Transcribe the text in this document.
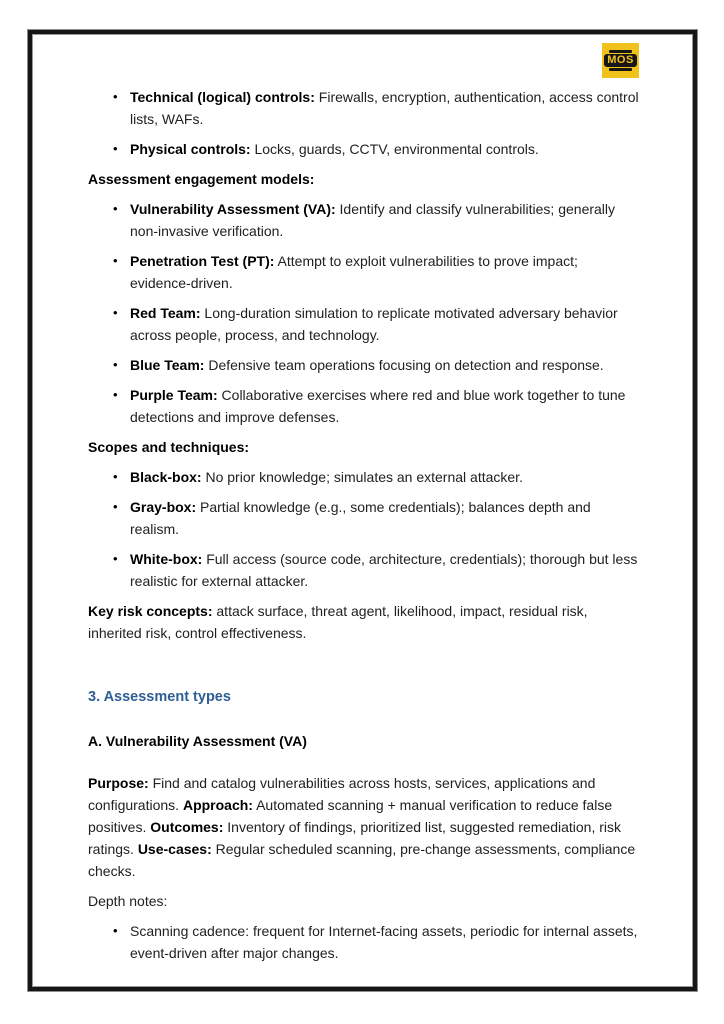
MOS
• Technical (logical) controls: Firewalls, encryption, authentication, access control lists, WAFs.
• Physical controls: Locks, guards, CCTV, environmental controls.
Assessment engagement models:
• Vulnerability Assessment (VA): Identify and classify vulnerabilities; generally non-invasive verification.
• Penetration Test (PT): Attempt to exploit vulnerabilities to prove impact; evidence-driven.
• Red Team: Long-duration simulation to replicate motivated adversary behavior across people, process, and technology.
• Blue Team: Defensive team operations focusing on detection and response.
• Purple Team: Collaborative exercises where red and blue work together to tune detections and improve defenses.
Scopes and techniques:
• Black-box: No prior knowledge; simulates an external attacker.
• Gray-box: Partial knowledge (e.g., some credentials); balances depth and realism.
• White-box: Full access (source code, architecture, credentials); thorough but less realistic for external attacker.
Key risk concepts: attack surface, threat agent, likelihood, impact, residual risk, inherited risk, control effectiveness.
3. Assessment types
A. Vulnerability Assessment (VA)
Purpose: Find and catalog vulnerabilities across hosts, services, applications and configurations. Approach: Automated scanning + manual verification to reduce false positives. Outcomes: Inventory of findings, prioritized list, suggested remediation, risk ratings. Use-cases: Regular scheduled scanning, pre-change assessments, compliance checks.
Depth notes:
• Scanning cadence: frequent for Internet-facing assets, periodic for internal assets, event-driven after major changes.
